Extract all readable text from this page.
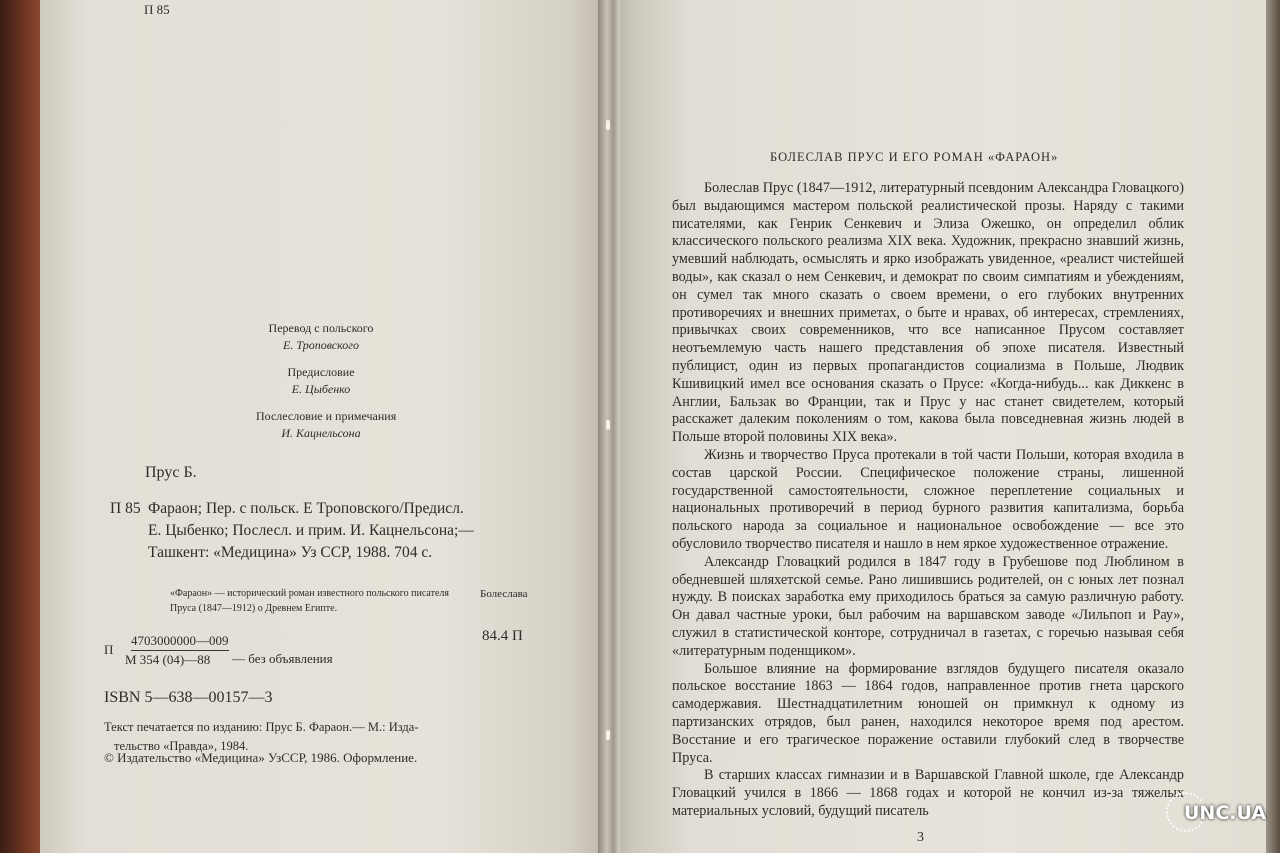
П 85
Перевод с польского
Е. Троповского
Предисловие
Е. Цыбенко
Послесловие и примечания
И. Кацнельсона
Прус Б.
П 85 Фараон; Пер. с польск. Е Троповского/Предисл.
Е. Цыбенко; Послесл. и прим. И. Кацнельсона;—
Ташкент: «Медицина» Уз ССР, 1988. 704 с.
«Фараон» — исторический роман известного польского писателя
Пруса (1847—1912) о Древнем Египте.
Болеслава
4703000000—009
П
М 354 (04)—88	— без объявления
84.4 П
ISBN 5—638—00157—3
Текст печатается по изданию: Прус Б. Фараон.— М.: Изда-
тельство «Правда», 1984.
© Издательство «Медицина» УзССР, 1986. Оформление.
БОЛЕСЛАВ ПРУС И ЕГО РОМАН «ФАРАОН»

Болеслав Прус (1847—1912, литературный псевдоним Александра Гловацкого) был выдающимся мастером польской реалистической прозы. Наряду с такими писателями, как Генрик Сенкевич и Элиза Ожешко, он определил облик классического польского реализма XIX века. Художник, прекрасно знавший жизнь, умевший наблюдать, осмыслять и ярко изображать увиденное, «реалист чистейшей воды», как сказал о нем Сенкевич, и демократ по своим симпатиям и убеждениям, он сумел так много сказать о своем времени, о его глубоких внутренних противоречиях и внешних приметах, о быте и нравах, об интересах, стремлениях, привычках своих современников, что все написанное Прусом составляет неотъемлемую часть нашего представления об эпохе писателя. Известный публицист, один из первых пропагандистов социализма в Польше, Людвик Кшивицкий имел все основания сказать о Прусе: «Когда-нибудь... как Диккенс в Англии, Бальзак во Франции, так и Прус у нас станет свидетелем, который расскажет далеким поколениям о том, какова была повседневная жизнь людей в Польше второй половины XIX века».

Жизнь и творчество Пруса протекали в той части Польши, которая входила в состав царской России. Специфическое положение страны, лишенной государственной самостоятельности, сложное переплетение социальных и национальных противоречий в период бурного развития капитализма, борьба польского народа за социальное и национальное освобождение — все это обусловило творчество писателя и нашло в нем яркое художественное отражение.

Александр Гловацкий родился в 1847 году в Грубешове под Люблином в обедневшей шляхетской семье. Рано лишившись родителей, он с юных лет познал нужду. В поисках заработка ему приходилось браться за самую различную работу. Он давал частные уроки, был рабочим на варшавском заводе «Лильпоп и Рау», служил в статистической конторе, сотрудничал в газетах, с горечью называя себя «литературным поденщиком».

Большое влияние на формирование взглядов будущего писателя оказало польское восстание 1863 — 1864 годов, направленное против гнета царского самодержавия. Шестнадцатилетним юношей он примкнул к одному из партизанских отрядов, был ранен, находился некоторое время под арестом. Восстание и его трагическое поражение оставили глубокий след в творчестве Пруса.

В старших классах гимназии и в Варшавской Главной школе, где Александр Гловацкий учился в 1866 — 1868 годах и которой не кончил из-за тяжелых материальных условий, будущий писатель

3
UNC.UA
